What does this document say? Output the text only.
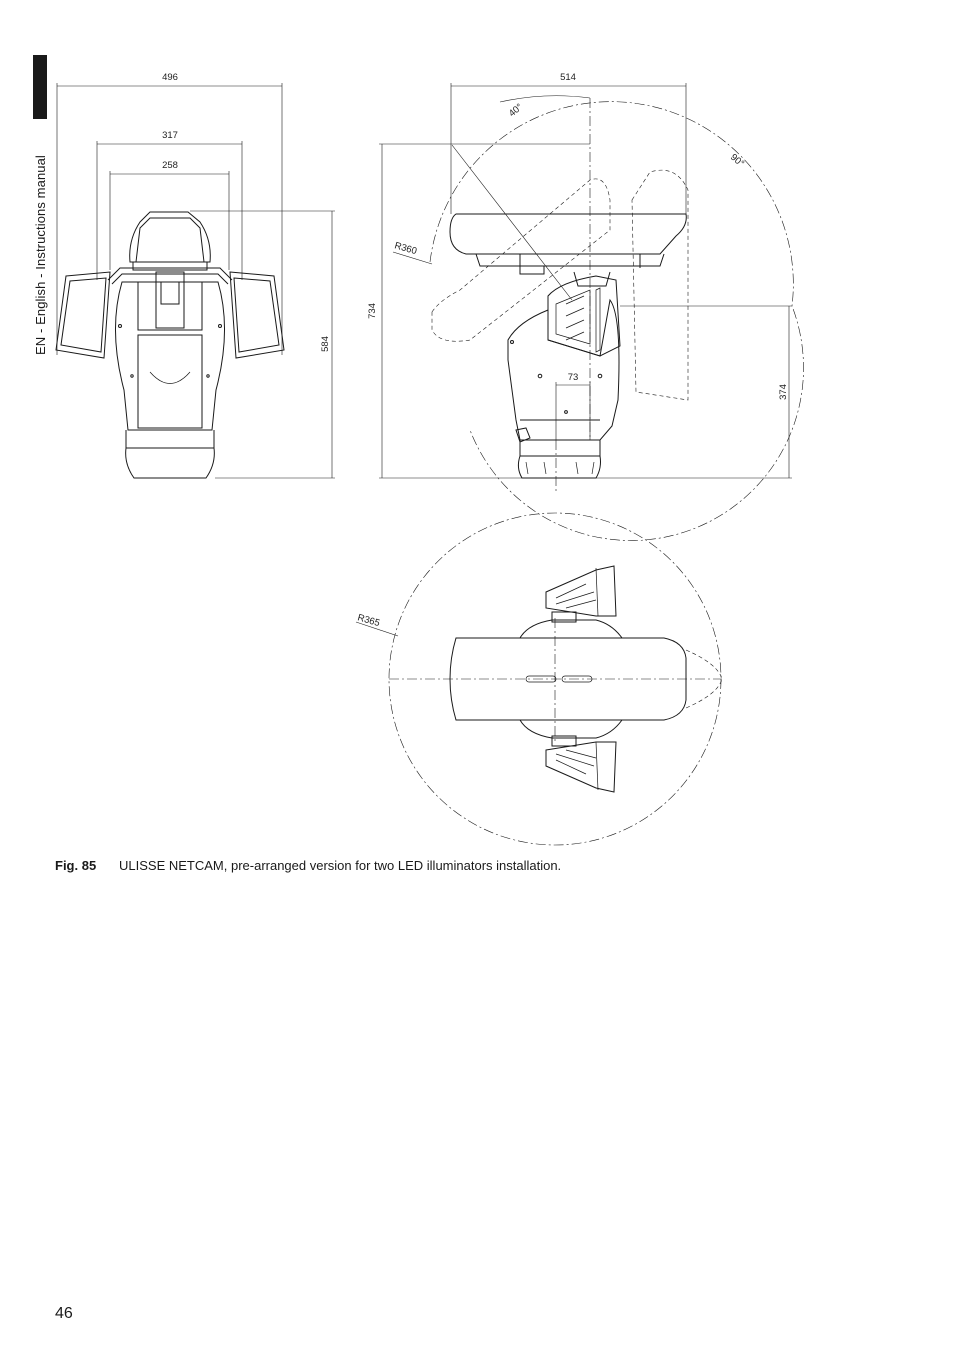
EN - English - Instructions manual
496
317
258
584
514
734
374
73
40°
90°
R360
R365
Fig. 85 ULISSE NETCAM, pre-arranged version for two LED illuminators installation.
46
